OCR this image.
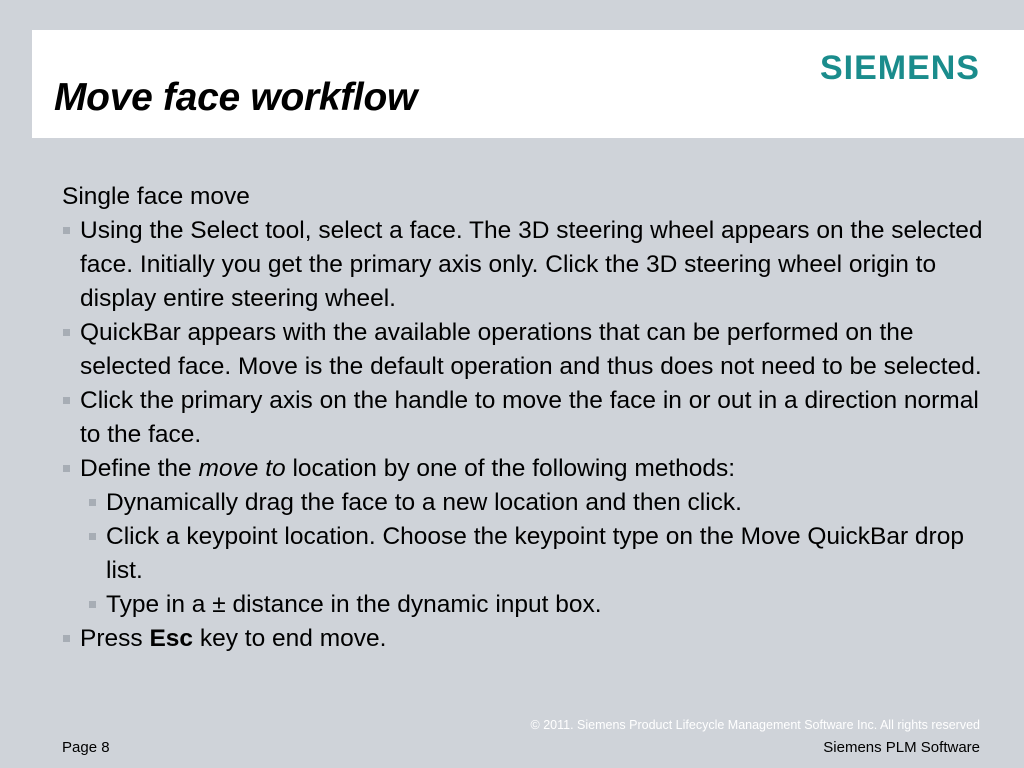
Move face workflow
SIEMENS

Single face move

Using the Select tool, select a face. The 3D steering wheel appears on the selected face. Initially you get the primary axis only. Click the 3D steering wheel origin to display entire steering wheel.
QuickBar appears with the available operations that can be performed on the selected face. Move is the default operation and thus does not need to be selected.
Click the primary axis on the handle to move the face in or out in a direction normal to the face.
Define the move to location by one of the following methods:
Dynamically drag the face to a new location and then click.
Click a keypoint location. Choose the keypoint type on the Move QuickBar drop list.
Type in a ± distance in the dynamic input box.
Press Esc key to end move.
© 2011. Siemens Product Lifecycle Management Software Inc. All rights reserved
Page 8	Siemens PLM Software
